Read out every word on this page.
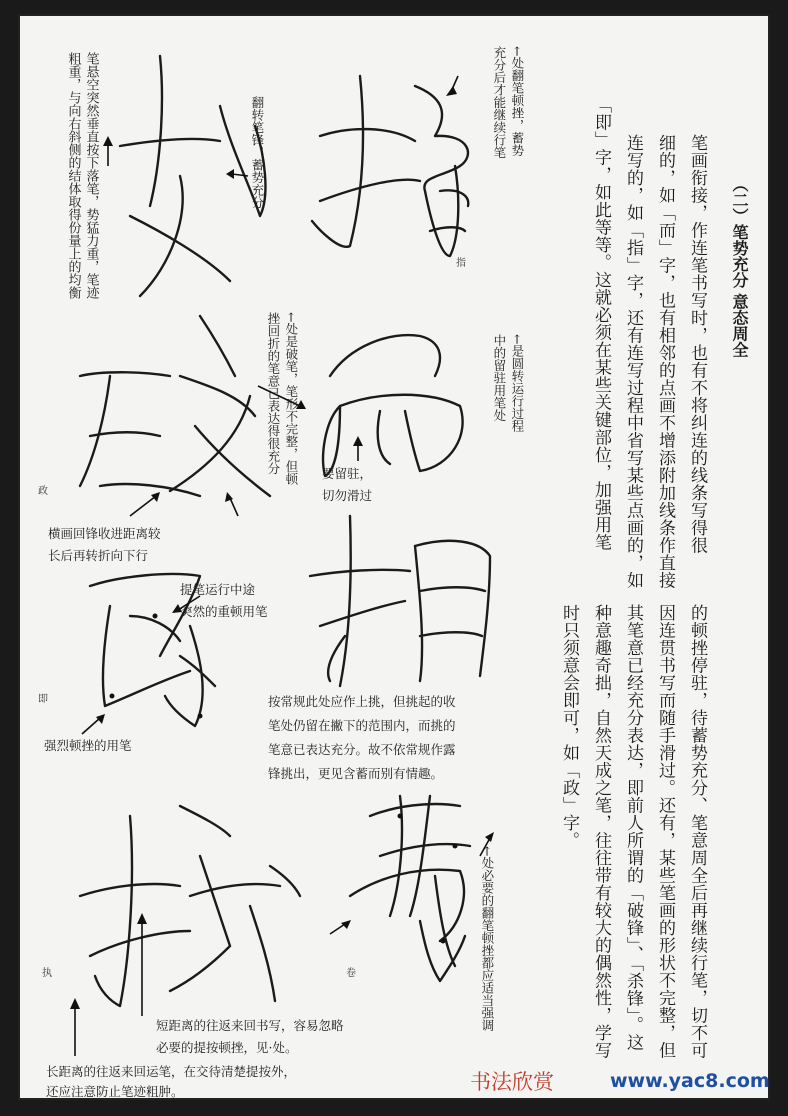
（二）笔势充分 意态周全
笔画衔接，作连笔书写时，也有不将纠连的线条写得很
细的，如「而」字，也有相邻的点画不增添附加线条作直接
连写的，如「指」字，还有连写过程中省写某些点画的，如
「即」字，如此等等。这就必须在某些关键部位，加强用笔
的顿挫停驻，待蓄势充分、笔意周全后再继续行笔，切不可
因连贯书写而随手滑过。还有，某些笔画的形状不完整，但
其笔意已经充分表达，即前人所谓的「破锋」、「杀锋」。这
种意趣奇拙，自然天成之笔，往往带有较大的偶然性，学写
时只须意会即可，如「政」字。
粗重，与向右斜侧的结体取得份量上的均衡 笔悬空突然垂直按下落笔，势猛力重，笔迹	翻转笔锋，蓄势充分	充分后才能继续行笔 ←处翻笔顿挫，蓄势
挫回折的笔意已表达得很充分 ←处是破笔，笔形不完整，但顿	中的留驻用笔处 ←是圆转运行过程
←处必要的翻笔顿挫都应适当强调
要留驻，
切勿滑过
横画回锋收进距离较
长后再转折向下行
提笔运行中途
突然的重顿用笔
强烈顿挫的用笔
按常规此处应作上挑，但挑起的收
笔处仍留在撇下的范围内，而挑的
笔意已表达充分。故不依常规作露
锋挑出，更见含蓄而别有情趣。
短距离的往返来回书写，容易忽略
必要的提按顿挫，见·处。
长距离的往返来回运笔，在交待清楚提按外，
还应注意防止笔迹粗肿。
指
政
即
执	卷
书法欣赏	www.yac8.com
